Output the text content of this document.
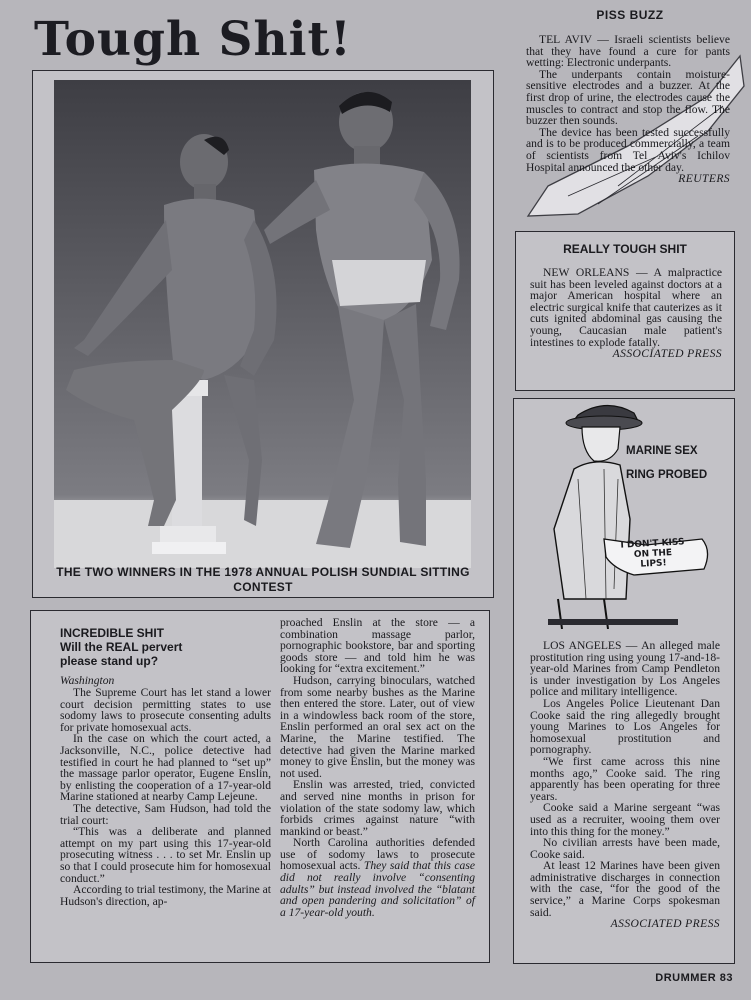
Tough Shit!	PISS BUZZ

TEL AVIV — Israeli scientists believe that they have found a cure for pants wetting: Electronic underpants.

The underpants contain moisture-sensitive electrodes and a buzzer. At the first drop of urine, the electrodes cause the muscles to contract and stop the flow. The buzzer then sounds.

The device has been tested successfully and is to be produced commercially, a team of scientists from Tel Aviv's Ichilov Hospital announced the other day.

REUTERS
THE TWO WINNERS IN THE 1978 ANNUAL POLISH SUNDIAL SITTING CONTEST
REALLY TOUGH SHIT

NEW ORLEANS — A malpractice suit has been leveled against doctors at a major American hospital where an electric surgical knife that cauterizes as it cuts ignited abdominal gas causing the young, Caucasian male patient's intestines to explode fatally.

ASSOCIATED PRESS
I DON'T KISS
ON THE
LIPS!
MARINE SEX
RING PROBED

LOS ANGELES — An alleged male prostitution ring using young 17-and-18-year-old Marines from Camp Pendleton is under investigation by Los Angeles police and military intelligence.

Los Angeles Police Lieutenant Dan Cooke said the ring allegedly brought young Marines to Los Angeles for homosexual prostitution and pornography.

“We first came across this nine months ago,” Cooke said. The ring apparently has been operating for three years.

Cooke said a Marine sergeant “was used as a recruiter, wooing them over into this thing for the money.”

No civilian arrests have been made, Cooke said.

At least 12 Marines have been given administrative discharges in connection with the case, “for the good of the service,” a Marine Corps spokesman said.

ASSOCIATED PRESS
INCREDIBLE SHIT
Will the REAL pervert
please stand up?
Washington

The Supreme Court has let stand a lower court decision permitting states to use sodomy laws to prosecute consenting adults for private homosexual acts.

In the case on which the court acted, a Jacksonville, N.C., police detective had testified in court he had planned to “set up” the massage parlor operator, Eugene Enslin, by enlisting the cooperation of a 17-year-old Marine stationed at nearby Camp Lejeune.

The detective, Sam Hudson, had told the trial court:

“This was a deliberate and planned attempt on my part using this 17-year-old prosecuting witness . . . to set Mr. Enslin up so that I could prosecute him for homosexual conduct.”

According to trial testimony, the Marine at Hudson's direction, ap-

proached Enslin at the store — a combination massage parlor, pornographic bookstore, bar and sporting goods store — and told him he was looking for “extra excitement.”

Hudson, carrying binoculars, watched from some nearby bushes as the Marine then entered the store. Later, out of view in a windowless back room of the store, Enslin performed an oral sex act on the Marine, the Marine testified. The detective had given the Marine marked money to give Enslin, but the money was not used.

Enslin was arrested, tried, convicted and served nine months in prison for violation of the state sodomy law, which forbids crimes against nature “with mankind or beast.”

North Carolina authorities defended use of sodomy laws to prosecute homosexual acts. They said that this case did not really involve “consenting adults” but instead involved the “blatant and open pandering and solicitation” of a 17-year-old youth.

DRUMMER 83
